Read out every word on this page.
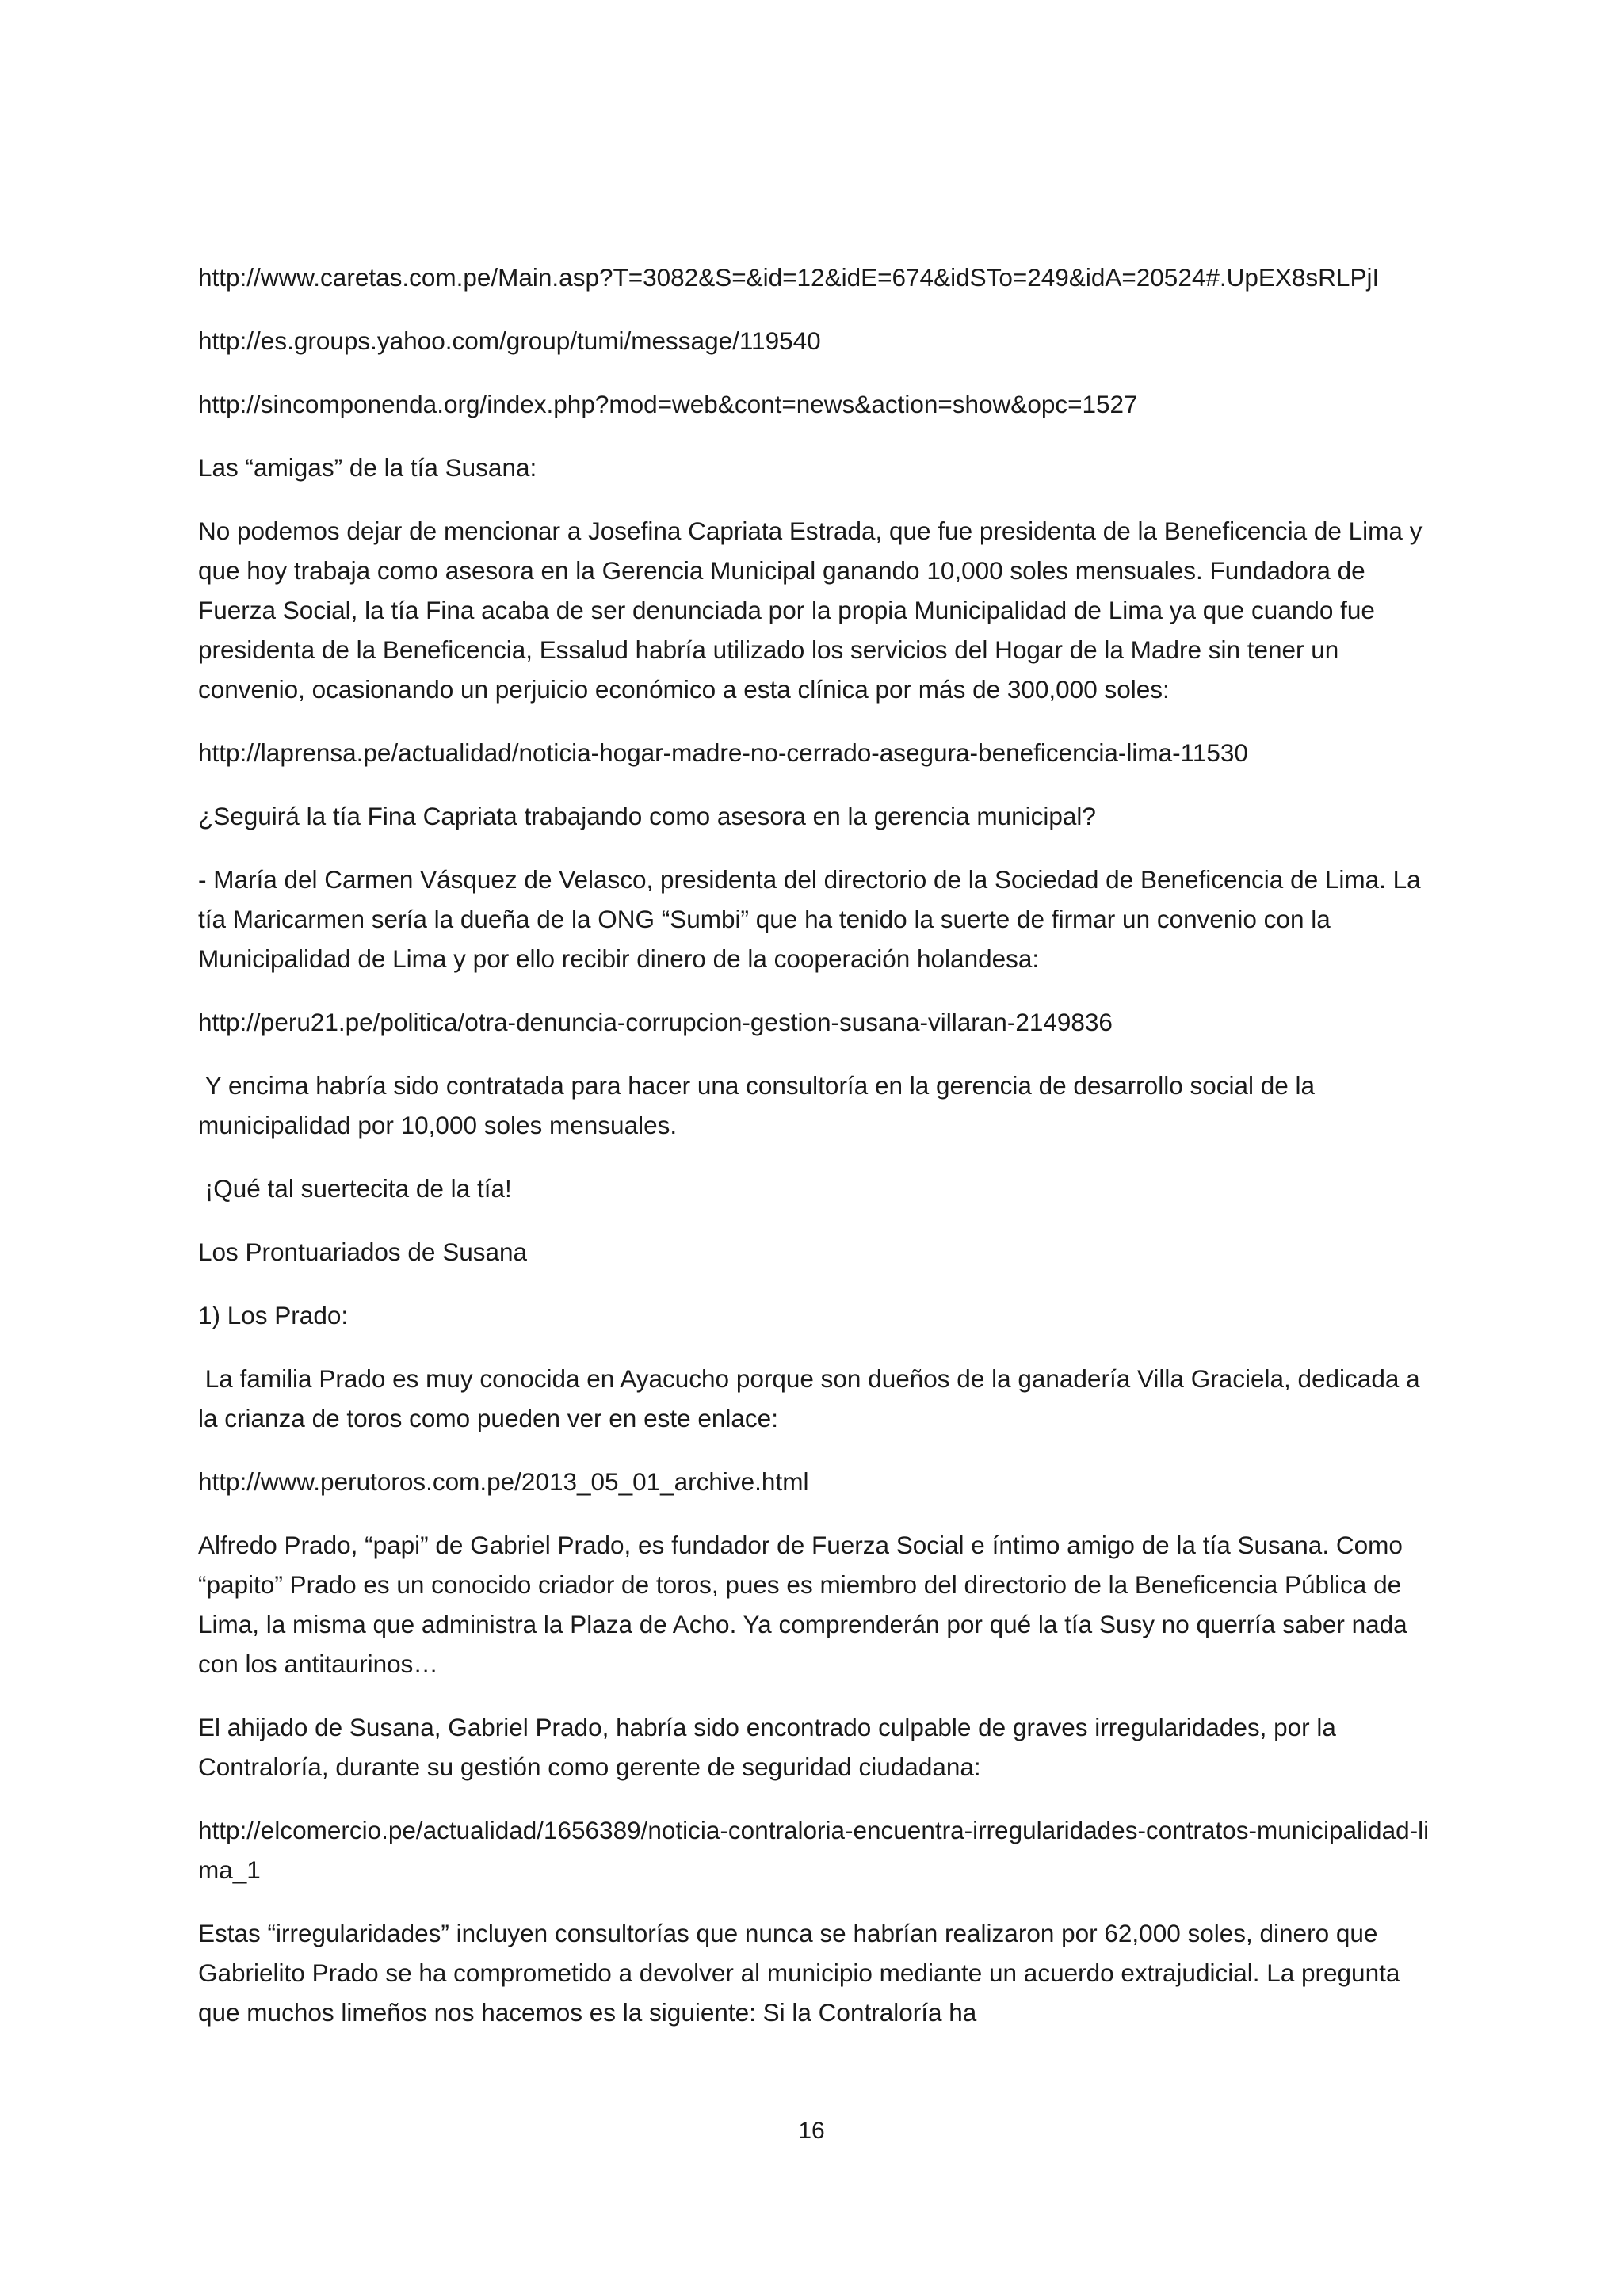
http://www.caretas.com.pe/Main.asp?T=3082&S=&id=12&idE=674&idSTo=249&idA=20524#.UpEX8sRLPjI

http://es.groups.yahoo.com/group/tumi/message/119540

http://sincomponenda.org/index.php?mod=web&cont=news&action=show&opc=1527

Las “amigas” de la tía Susana:

No podemos dejar de mencionar a Josefina Capriata Estrada, que fue presidenta de la Beneficencia de Lima y que hoy trabaja como asesora en la Gerencia Municipal ganando 10,000 soles mensuales. Fundadora de Fuerza Social, la tía Fina acaba de ser denunciada por la propia Municipalidad de Lima ya que cuando fue presidenta de la Beneficencia, Essalud habría utilizado los servicios del Hogar de la Madre sin tener un convenio, ocasionando un perjuicio económico a esta clínica por más de 300,000 soles:

http://laprensa.pe/actualidad/noticia-hogar-madre-no-cerrado-asegura-beneficencia-lima-11530

¿Seguirá la tía Fina Capriata trabajando como asesora en la gerencia municipal?

- María del Carmen Vásquez de Velasco, presidenta del directorio de la Sociedad de Beneficencia de Lima. La tía Maricarmen sería la dueña de la ONG “Sumbi” que ha tenido la suerte de firmar un convenio con la Municipalidad de Lima y por ello recibir dinero de la cooperación holandesa:

http://peru21.pe/politica/otra-denuncia-corrupcion-gestion-susana-villaran-2149836

Y encima habría sido contratada para hacer una consultoría en la gerencia de desarrollo social de la municipalidad por 10,000 soles mensuales.

¡Qué tal suertecita de la tía!

Los Prontuariados de Susana

1) Los Prado:

La familia Prado es muy conocida en Ayacucho porque son dueños de la ganadería Villa Graciela, dedicada a la crianza de toros como pueden ver en este enlace:

http://www.perutoros.com.pe/2013_05_01_archive.html

Alfredo Prado, “papi” de Gabriel Prado, es fundador de Fuerza Social e íntimo amigo de la tía Susana. Como “papito” Prado es un conocido criador de toros, pues es miembro del directorio de la Beneficencia Pública de Lima, la misma que administra la Plaza de Acho. Ya comprenderán por qué la tía Susy no querría saber nada con los antitaurinos…

El ahijado de Susana, Gabriel Prado, habría sido encontrado culpable de graves irregularidades, por la Contraloría, durante su gestión como gerente de seguridad ciudadana:

http://elcomercio.pe/actualidad/1656389/noticia-contraloria-encuentra-irregularidades-contratos-municipalidad-lima_1

Estas “irregularidades” incluyen consultorías que nunca se habrían realizaron por 62,000 soles, dinero que Gabrielito Prado se ha comprometido a devolver al municipio mediante un acuerdo extrajudicial. La pregunta que muchos limeños nos hacemos es la siguiente: Si la Contraloría ha

16
